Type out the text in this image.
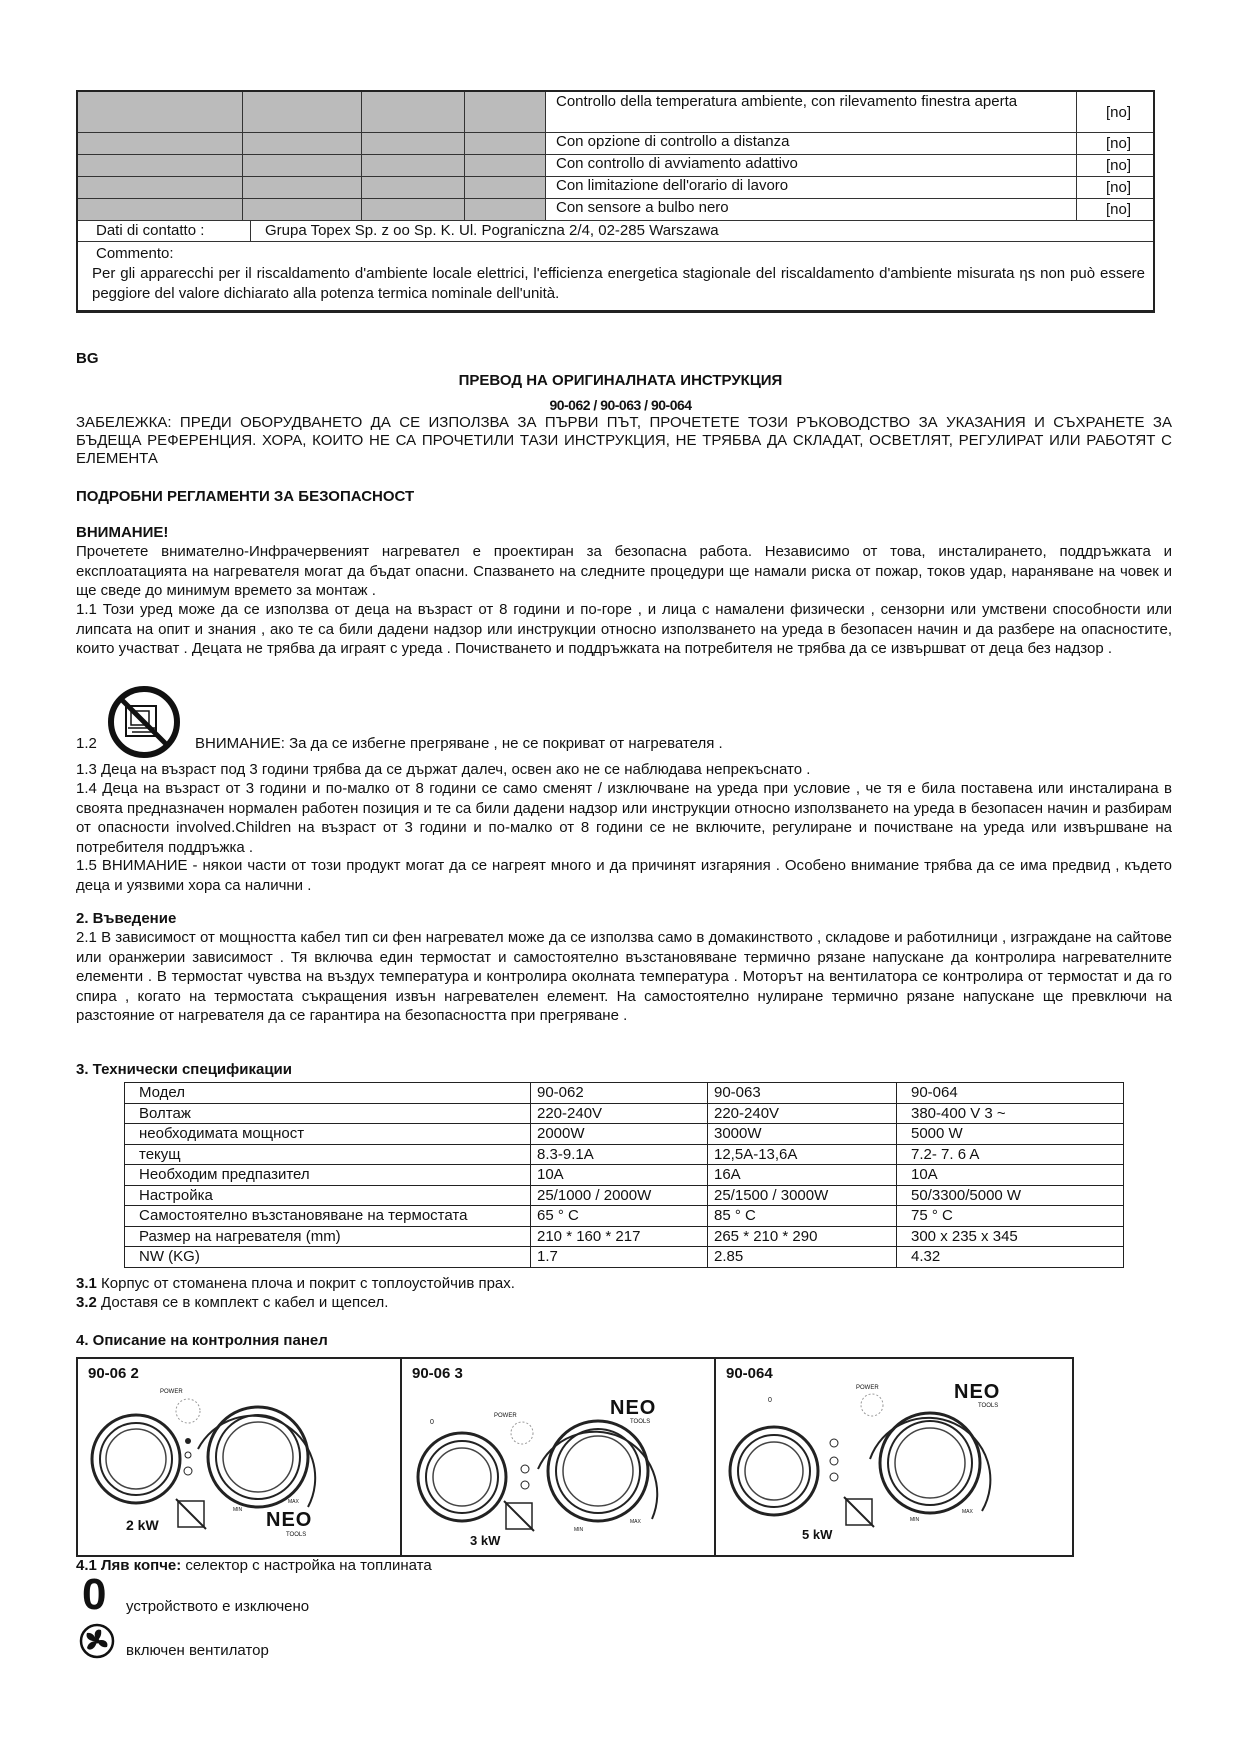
Controllo della temperatura ambiente, con rilevamento finestra aperta
[no]
Con opzione di controllo a distanza	[no]
Con controllo di avviamento adattivo	[no]
Con limitazione dell'orario di lavoro	[no]
Con sensore a bulbo nero	[no]
Dati di contatto :	Grupa Topex Sp. z oo Sp. K. Ul. Pograniczna 2/4, 02-285 Warszawa
Commento:
Per gli apparecchi per il riscaldamento d'ambiente locale elettrici, l'efficienza energetica stagionale del riscaldamento d'ambiente misurata ηs non può essere peggiore del valore dichiarato alla potenza termica nominale dell'unità.
BG
ПРЕВОД НА ОРИГИНАЛНАТА ИНСТРУКЦИЯ
90-062 / 90-063 / 90-064
ЗАБЕЛЕЖКА: ПРЕДИ ОБОРУДВАНЕТО ДА СЕ ИЗПОЛЗВА ЗА ПЪРВИ ПЪТ, ПРОЧЕТЕТЕ ТОЗИ РЪКОВОДСТВО ЗА УКАЗАНИЯ И СЪХРАНЕТЕ ЗА БЪДЕЩА РЕФЕРЕНЦИЯ. ХОРА, КОИТО НЕ СА ПРОЧЕТИЛИ ТАЗИ ИНСТРУКЦИЯ, НЕ ТРЯБВА ДА СКЛАДАТ, ОСВЕТЛЯТ, РЕГУЛИРАТ ИЛИ РАБОТЯТ С ЕЛЕМЕНТА
ПОДРОБНИ РЕГЛАМЕНТИ ЗА БЕЗОПАСНОСТ
ВНИМАНИЕ!
Прочетете внимателно-Инфрачервеният нагревател е проектиран за безопасна работа. Независимо от това, инсталирането, поддръжката и експлоатацията на нагревателя могат да бъдат опасни. Спазването на следните процедури ще намали риска от пожар, токов удар, нараняване на човек и ще сведе до минимум времето за монтаж .
1.1 Този уред може да се използва от деца на възраст от 8 години и по-горе , и лица с намалени физически , сензорни или умствени способности или липсата на опит и знания , ако те са били дадени надзор или инструкции относно използването на уреда в безопасен начин и да разбере на опасностите, които участват . Децата не трябва да играят с уреда . Почистването и поддръжката на потребителя не трябва да се извършват от деца без надзор .
1.2	ВНИМАНИЕ: За да се избегне прегряване , не се покриват от нагревателя .
1.3 Деца на възраст под 3 години трябва да се държат далеч, освен ако не се наблюдава непрекъснато .
1.4 Деца на възраст от 3 години и по-малко от 8 години се само сменят / изключване на уреда при условие , че тя е била поставена или инсталирана в своята предназначен нормален работен позиция и те са били дадени надзор или инструкции относно използването на уреда в безопасен начин и разбирам от опасности involved.Children на възраст от 3 години и по-малко от 8 години се не включите, регулиране и почистване на уреда или извършване на потребителя поддръжка .
1.5 ВНИМАНИЕ - някои части от този продукт могат да се нагреят много и да причинят изгаряния . Особено внимание трябва да се има предвид , където деца и уязвими хора са налични .
2. Въведение
2.1 В зависимост от мощността кабел тип си фен нагревател може да се използва само в домакинството , складове и работилници , изграждане на сайтове или оранжерии зависимост . Тя включва един термостат и самостоятелно възстановяване термично рязане напускане да контролира нагревателните елементи . В термостат чувства на въздух температура и контролира околната температура . Моторът на вентилатора се контролира от термостат и да го спира , когато на термостата съкращения извън нагревателен елемент. На самостоятелно нулиране термично рязане напускане ще превключи на разстояние от нагревателя да се гарантира на безопасността при прегряване .
3. Технически спецификации
Модел	90-062	90-063	90-064
Волтаж	220-240V	220-240V	380-400 V 3 ~
необходимата мощност	2000W	3000W	5000 W
текущ	8.3-9.1A	12,5A-13,6A	7.2- 7. 6 A
Необходим предпазител	10A	16A	10A
Настройка	25/1000 / 2000W	25/1500 / 3000W	50/3300/5000 W
Самостоятелно възстановяване на термостата	65 ° C	85 ° C	75 ° C
Размер на нагревателя (mm)	210 * 160 * 217	265 * 210 * 290	300 x 235 x 345
NW (KG)	1.7	2.85	4.32
3.1 Корпус от стоманена плоча и покрит с топлоустойчив прах.
3.2 Доставя се в комплект с кабел и щепсел.
4. Описание на контролния панел
90-06 2
POWER
2 kW	NEO
TOOLS
MIN
MAX
90-06 3
POWER
0
NEO
TOOLS
3 kW
MIN
MAX
90-064
POWER
0	NEO
TOOLS
5 kW
MIN
MAX
4.1 Ляв копче: селектор с настройка на топлината
0 устройството е изключено
включен вентилатор
